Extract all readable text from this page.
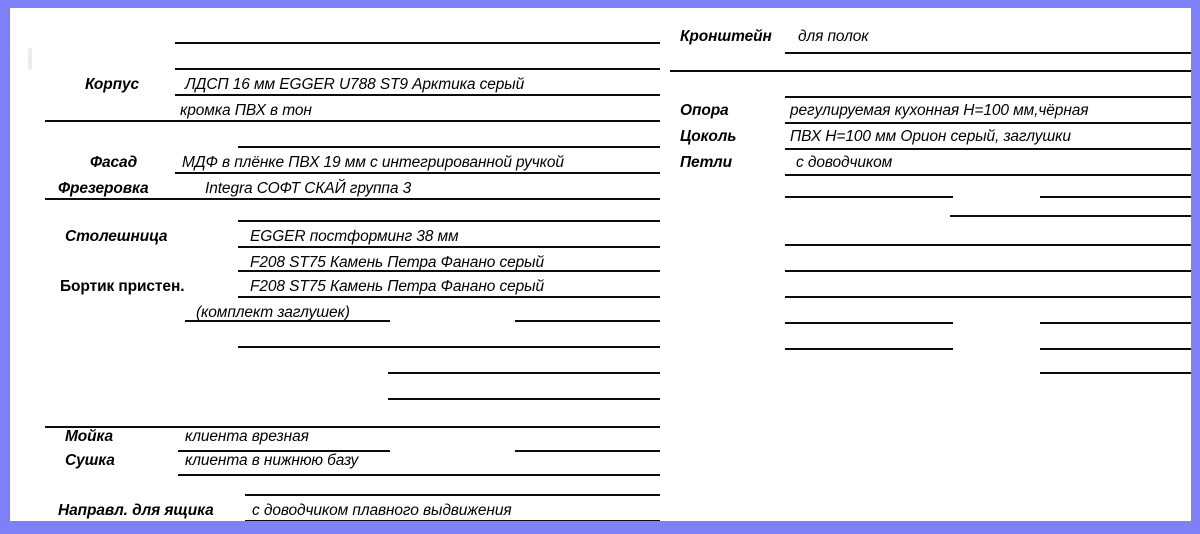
Корпус
Фасад
Фрезеровка
Столешница
Бортик пристен.
Мойка
Сушка
Направл. для ящика
ЛДСП 16 мм EGGER U788 ST9 Арктика серый
кромка ПВХ в тон
МДФ в плёнке ПВХ 19 мм с интегрированной ручкой
Integra СОФТ СКАЙ группа 3
EGGER постформинг 38 мм
F208 ST75 Камень Петра Фанано серый
F208 ST75 Камень Петра Фанано серый
(комплект заглушек)
клиента врезная
клиента в нижнюю базу
с доводчиком плавного выдвижения
Кронштейн
Опора
Цоколь
Петли
для полок
регулируемая кухонная Н=100 мм,чёрная
ПВХ Н=100 мм Орион серый, заглушки
с доводчиком
